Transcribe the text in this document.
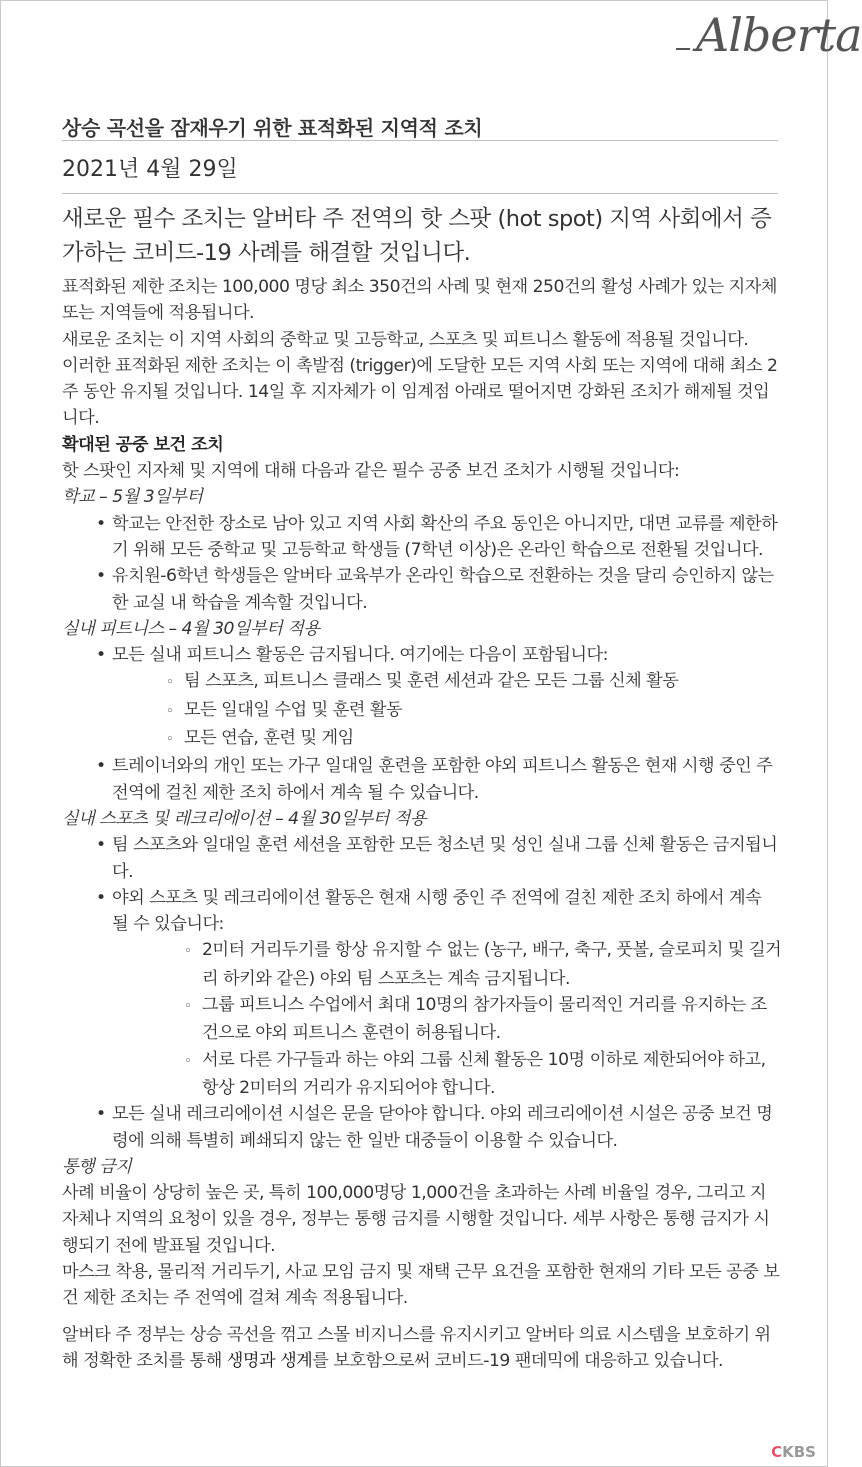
Alberta
상승 곡선을 잠재우기 위한 표적화된 지역적 조치
2021년 4월 29일
새로운 필수 조치는 알버타 주 전역의 핫 스팟 (hot spot) 지역 사회에서 증가하는 코비드-19 사례를 해결할 것입니다.

표적화된 제한 조치는 100,000 명당 최소 350건의 사례 및 현재 250건의 활성 사례가 있는 지자체 또는 지역들에 적용됩니다.

새로운 조치는 이 지역 사회의 중학교 및 고등학교, 스포츠 및 피트니스 활동에 적용될 것입니다.

이러한 표적화된 제한 조치는 이 촉발점 (trigger)에 도달한 모든 지역 사회 또는 지역에 대해 최소 2주 동안 유지될 것입니다. 14일 후 지자체가 이 임계점 아래로 떨어지면 강화된 조치가 해제될 것입니다.

확대된 공중 보건 조치

핫 스팟인 지자체 및 지역에 대해 다음과 같은 필수 공중 보건 조치가 시행될 것입니다:

학교 – 5월 3일부터

• 학교는 안전한 장소로 남아 있고 지역 사회 확산의 주요 동인은 아니지만, 대면 교류를 제한하기 위해 모든 중학교 및 고등학교 학생들 (7학년 이상)은 온라인 학습으로 전환될 것입니다.
• 유치원-6학년 학생들은 알버타 교육부가 온라인 학습으로 전환하는 것을 달리 승인하지 않는 한 교실 내 학습을 계속할 것입니다.

실내 피트니스 – 4월 30일부터 적용

• 모든 실내 피트니스 활동은 금지됩니다. 여기에는 다음이 포함됩니다:
◦ 팀 스포츠, 피트니스 클래스 및 훈련 세션과 같은 모든 그룹 신체 활동
◦ 모든 일대일 수업 및 훈련 활동
◦ 모든 연습, 훈련 및 게임
• 트레이너와의 개인 또는 가구 일대일 훈련을 포함한 야외 피트니스 활동은 현재 시행 중인 주 전역에 걸친 제한 조치 하에서 계속 될 수 있습니다.

실내 스포츠 및 레크리에이션 – 4월 30일부터 적용

• 팀 스포츠와 일대일 훈련 세션을 포함한 모든 청소년 및 성인 실내 그룹 신체 활동은 금지됩니다.
• 야외 스포츠 및 레크리에이션 활동은 현재 시행 중인 주 전역에 걸친 제한 조치 하에서 계속 될 수 있습니다:
◦ 2미터 거리두기를 항상 유지할 수 없는 (농구, 배구, 축구, 풋볼, 슬로피치 및 길거리 하키와 같은) 야외 팀 스포츠는 계속 금지됩니다.
◦ 그룹 피트니스 수업에서 최대 10명의 참가자들이 물리적인 거리를 유지하는 조건으로 야외 피트니스 훈련이 허용됩니다.
◦ 서로 다른 가구들과 하는 야외 그룹 신체 활동은 10명 이하로 제한되어야 하고, 항상 2미터의 거리가 유지되어야 합니다.
• 모든 실내 레크리에이션 시설은 문을 닫아야 합니다. 야외 레크리에이션 시설은 공중 보건 명령에 의해 특별히 폐쇄되지 않는 한 일반 대중들이 이용할 수 있습니다.

통행 금지

사례 비율이 상당히 높은 곳, 특히 100,000명당 1,000건을 초과하는 사례 비율일 경우, 그리고 지자체나 지역의 요청이 있을 경우, 정부는 통행 금지를 시행할 것입니다. 세부 사항은 통행 금지가 시행되기 전에 발표될 것입니다.

마스크 착용, 물리적 거리두기, 사교 모임 금지 및 재택 근무 요건을 포함한 현재의 기타 모든 공중 보건 제한 조치는 주 전역에 걸쳐 계속 적용됩니다.

알버타 주 정부는 상승 곡선을 꺾고 스몰 비지니스를 유지시키고 알버타 의료 시스템을 보호하기 위해 정확한 조치를 통해 생명과 생계를 보호함으로써 코비드-19 팬데믹에 대응하고 있습니다.

CKBS
